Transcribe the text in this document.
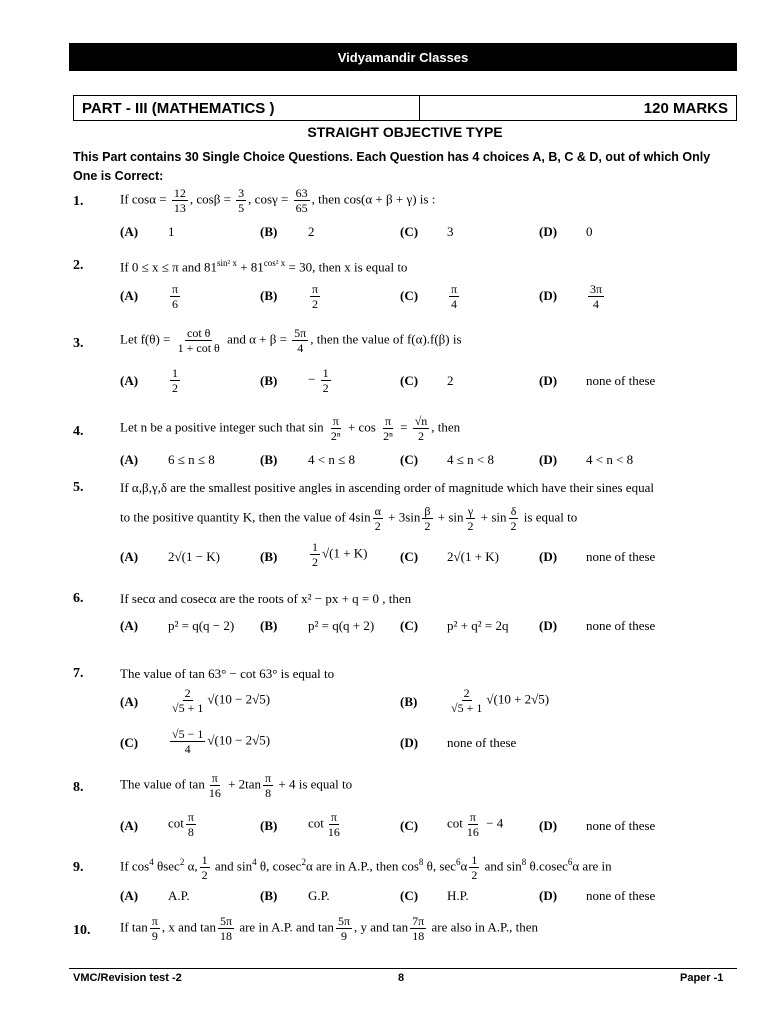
Vidyamandir Classes
PART - III (MATHEMATICS )	120 MARKS
STRAIGHT OBJECTIVE TYPE
This Part contains 30 Single Choice Questions. Each Question has 4 choices A, B, C & D, out of which Only One is Correct:
1.	If $\cos\alpha = \frac{12}{13}$ , $\cos\beta = \frac{3}{5}$ , $\cos\gamma = \frac{63}{65}$ , then cos(α + β + γ) is :
(A) 1	(B) 2	(C) 3	(D) 0
2.	If 0 ≤ x ≤ π and $81^{sin^2 x} + 81^{cos^2 x} = 30$, then x is equal to
(A)	$\frac{\pi}{6}$	(B)	$\frac{\pi}{2}$	(C)	$\frac{\pi}{4}$	(D)	$\frac{3\pi}{4}$
3.	Let $f(\theta) = \frac{\text{cot θ}}{\text{1 + cot θ}}$ and $\alpha + \beta = \frac{5\pi}{4}$ , then the value of f(α).f(β) is
(A)	$\frac{1}{2}$	$(B) - \frac{1}{2}$	(C) 2	(D) none of these
4.	Let n be a positive integer such that $\sin \frac{\pi}{\text{2ⁿ}} + \cos \frac{\pi}{\text{2ⁿ}} = \frac{√n}{2}$ , then
(A) 6 ≤ n ≤ 8	(B) 4 < n ≤ 8	(C) 4 ≤ n < 8	(D) 4 < n < 8
5.	If α,β,γ,δ are the smallest positive angles in ascending order of magnitude which have their sines equal
to the positive quantity K, then the value of $4\sin \frac{\alpha}{2} + 3\sin \frac{\beta}{2} + \sin \frac{\gamma}{2} + \sin \frac{\delta}{2}$ is equal to
(A) 2√(1 − K)	(B)	$\frac{1}{2} √(1 + K)$ (C) 2√(1 + K)	(D) none of these
6.	If secα and cosecα are the roots of x² − px + q = 0 , then
(A) p² = q(q − 2) (B) p² = q(q + 2) (C) p² + q² = 2q (D) none of these
7.	The value of tan 63° − cot 63° is equal to
(A)	$\frac{2}{√5 + 1} √(10 - 2√5)$	(B)	$\frac{2}{√5 + 1} √(10 + 2√5)$
(C)	$\frac{√5 - 1}{4} √(10 - 2√5)$	(D) none of these
8.	The value of $\tan \frac{\pi}{16} + 2\tan \frac{\pi}{8} + 4$ is equal to
(A) $\cot \frac{\pi}{8}$	(B) $\cot \frac{\pi}{16}$	(C) $\cot \frac{\pi}{16} - 4$	(D) none of these
9.	If $\cos^4 \theta\sec^2$ α, $\frac{1}{2}$ and $\sin^4 \theta$, cosec$^2$α are in A.P., then $\cos^8 \theta$, $\sec^6\alpha \frac{1}{2}$ and $\sin^8 \theta.cosec^6\alpha$ are in
(A) A.P.	(B) G.P.	(C) H.P.	(D) none of these
10. If $\tan \frac{\pi}{9}$ , x and $\tan \frac{5\pi}{18}$ are in A.P. and $\tan \frac{5\pi}{9}$ , y and $\tan \frac{7\pi}{18}$ are also in A.P., then
VMC/Revision test -2	8	Paper -1
